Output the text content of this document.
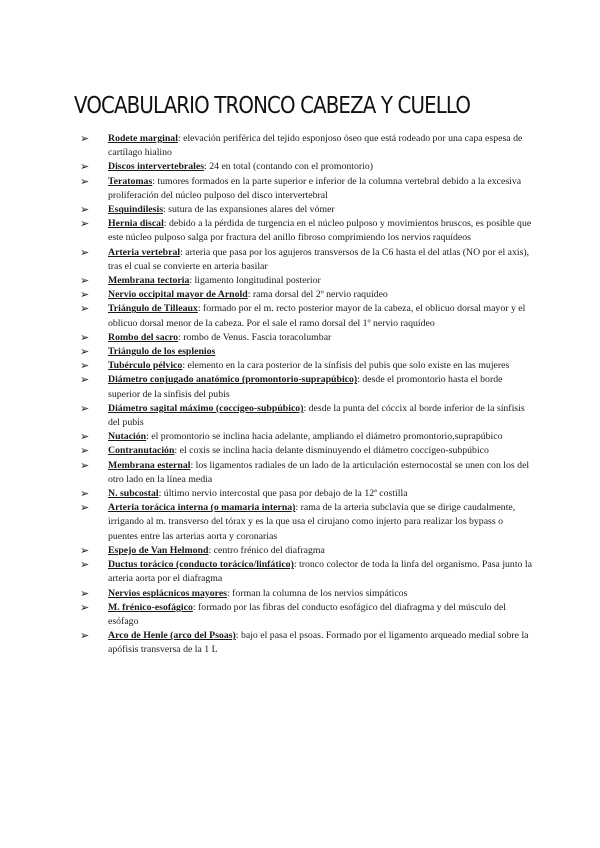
VOCABULARIO TRONCO CABEZA Y CUELLO
➢ Rodete marginal: elevación periférica del tejido esponjoso óseo que está rodeado por una capa espesa de cartílago hialino
➢ Discos intervertebrales: 24 en total (contando con el promontorio)
➢ Teratomas: tumores formados en la parte superior e inferior de la columna vertebral debido a la excesiva proliferación del núcleo pulposo del disco intervertebral
➢ Esquindilesis: sutura de las expansiones alares del vómer
➢ Hernia discal: debido a la pérdida de turgencia en el núcleo pulposo y movimientos bruscos, es posible que este núcleo pulposo salga por fractura del anillo fibroso comprimiendo los nervios raquídeos
➢ Arteria vertebral: arteria que pasa por los agujeros transversos de la C6 hasta el del atlas (NO por el axis), tras el cual se convierte en arteria basilar
➢ Membrana tectoria: ligamento longitudinal posterior
➢ Nervio occipital mayor de Arnold: rama dorsal del 2º nervio raquídeo
➢ Triángulo de Tilleaux: formado por el m. recto posterior mayor de la cabeza, el oblicuo dorsal mayor y el oblicuo dorsal menor de la cabeza. Por el sale el ramo dorsal del 1º nervio raquídeo
➢ Rombo del sacro: rombo de Venus. Fascia toracolumbar
➢ Triángulo de los esplenios
➢ Tubérculo pélvico: elemento en la cara posterior de la sínfisis del pubis que solo existe en las mujeres
➢ Diámetro conjugado anatómico (promontorio-suprapúbico): desde el promontorio hasta el borde superior de la sínfisis del pubis
➢ Diámetro sagital máximo (coccígeo-subpúbico): desde la punta del cóccix al borde inferior de la sínfisis del pubis
➢ Nutación: el promontorio se inclina hacia adelante, ampliando el diámetro promontorio,suprapúbico
➢ Contranutación: el coxis se inclina hacia delante disminuyendo el diámetro coccígeo-subpúbico
➢ Membrana esternal: los ligamentos radiales de un lado de la articulación esternocostal se unen con los del otro lado en la línea media
➢ N. subcostal: último nervio intercostal que pasa por debajo de la 12ª costilla
➢ Arteria torácica interna (o mamaria interna): rama de la arteria subclavia que se dirige caudalmente, irrigando al m. transverso del tórax y es la que usa el cirujano como injerto para realizar los bypass o puentes entre las arterias aorta y coronarias
➢ Espejo de Van Helmond: centro frénico del diafragma
➢ Ductus torácico (conducto torácico/linfático): tronco colector de toda la linfa del organismo. Pasa junto la arteria aorta por el diafragma
➢ Nervios esplácnicos mayores: forman la columna de los nervios simpáticos
➢ M. frénico-esofágico: formado por las fibras del conducto esofágico del diafragma y del músculo del esófago
➢ Arco de Henle (arco del Psoas): bajo el pasa el psoas. Formado por el ligamento arqueado medial sobre la apófisis transversa de la 1 L
